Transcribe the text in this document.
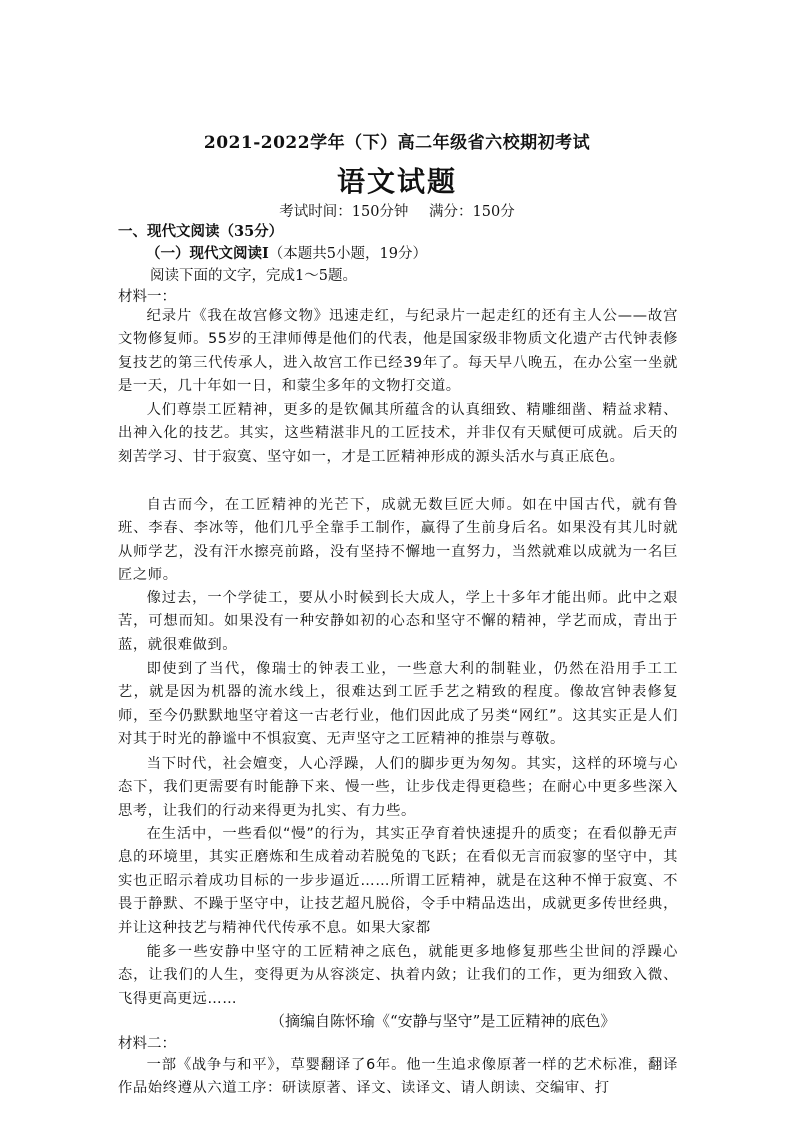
2021-2022学年（下）高二年级省六校期初考试
语文试题
考试时间：150分钟 满分：150分
一、现代文阅读（35分）
（一）现代文阅读Ⅰ（本题共5小题，19分）
阅读下面的文字，完成1～5题。
材料一：

纪录片《我在故宫修文物》迅速走红，与纪录片一起走红的还有主人公——故宫文物修复师。55岁的王津师傅是他们的代表，他是国家级非物质文化遗产古代钟表修复技艺的第三代传承人，进入故宫工作已经39年了。每天早八晚五，在办公室一坐就是一天，几十年如一日，和蒙尘多年的文物打交道。

人们尊崇工匠精神，更多的是钦佩其所蕴含的认真细致、精雕细凿、精益求精、出神入化的技艺。其实，这些精湛非凡的工匠技术，并非仅有天赋便可成就。后天的刻苦学习、甘于寂寞、坚守如一，才是工匠精神形成的源头活水与真正底色。

自古而今，在工匠精神的光芒下，成就无数巨匠大师。如在中国古代，就有鲁班、李春、李冰等，他们几乎全靠手工制作，赢得了生前身后名。如果没有其儿时就从师学艺，没有汗水擦亮前路，没有坚持不懈地一直努力，当然就难以成就为一名巨匠之师。

像过去，一个学徒工，要从小时候到长大成人，学上十多年才能出师。此中之艰苦，可想而知。如果没有一种安静如初的心态和坚守不懈的精神，学艺而成，青出于蓝，就很难做到。

即使到了当代，像瑞士的钟表工业，一些意大利的制鞋业，仍然在沿用手工工艺，就是因为机器的流水线上，很难达到工匠手艺之精致的程度。像故宫钟表修复师，至今仍默默地坚守着这一古老行业，他们因此成了另类“网红”。这其实正是人们对其于时光的静谧中不惧寂寞、无声坚守之工匠精神的推崇与尊敬。

当下时代，社会嬗变，人心浮躁，人们的脚步更为匆匆。其实，这样的环境与心态下，我们更需要有时能静下来、慢一些，让步伐走得更稳些；在耐心中更多些深入思考，让我们的行动来得更为扎实、有力些。

在生活中，一些看似“慢”的行为，其实正孕育着快速提升的质变；在看似静无声息的环境里，其实正磨炼和生成着动若脱兔的飞跃；在看似无言而寂寥的坚守中，其实也正昭示着成功目标的一步步逼近……所谓工匠精神，就是在这种不惮于寂寞、不畏于静默、不躁于坚守中，让技艺超凡脱俗，令手中精品迭出，成就更多传世经典，并让这种技艺与精神代代传承不息。如果大家都

能多一些安静中坚守的工匠精神之底色，就能更多地修复那些尘世间的浮躁心态，让我们的人生，变得更为从容淡定、执着内敛；让我们的工作，更为细致入微、飞得更高更远……

（摘编自陈怀瑜《“安静与坚守”是工匠精神的底色》
材料二：

一部《战争与和平》，草婴翻译了6年。他一生追求像原著一样的艺术标准，翻译作品始终遵从六道工序：研读原著、译文、读译文、请人朗读、交编审、打
